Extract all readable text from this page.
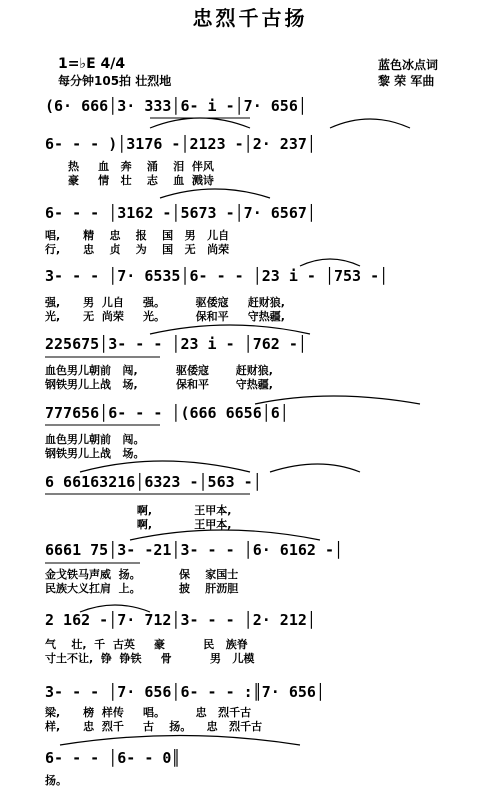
忠烈千古扬
1=♭E 4/4
每分钟105拍 壮烈地
蓝色冰点词
黎 荣 军曲
(6· 666│3· 333│6- i -│7· 656│
6- - - )│3176 -│2123 -│2· 237│
热     血   奔    涌    泪  伴风
豪     情   壮    志    血  溅诗
6- - - │3162 -│5673 -│7· 6567│
唱,      精    忠    报    国   男   儿自
行,      忠    贞    为    国   无   尚荣
3- - - │7· 6535│6- - - │23 i - │753 -│
强,      男  儿自     强。        驱倭寇     赶财狼,
光,      无  尚荣     光。        保和平     守热疆,
225675│3- - - │23 i - │762 -│
血色男儿朝前   闯,          驱倭寇       赶财狼,
钢铁男儿上战   场,          保和平       守热疆,
777656│6- - - │(666 6656│6│
血色男儿朝前   闯。
钢铁男儿上战   场。
6 66163216│6323 -│563 -│
啊,           王甲本,
啊,           王甲本,
6661 75│3- -21│3- - - │6· 6162 -│
金戈铁马声威  扬。          保    家国士
民族大义扛肩  上。          披    肝沥胆
2 162 -│7· 712│3- - - │2· 212│
气    壮,  千  古英     豪          民   族脊
寸土不让,  铮  铮铁     骨          男   儿模
3- - - │7· 656│6- - - :║7· 656│
梁,      榜  样传     唱。        忠   烈千古
样,      忠  烈千     古    扬。    忠   烈千古
6- - - │6- - 0║
扬。
